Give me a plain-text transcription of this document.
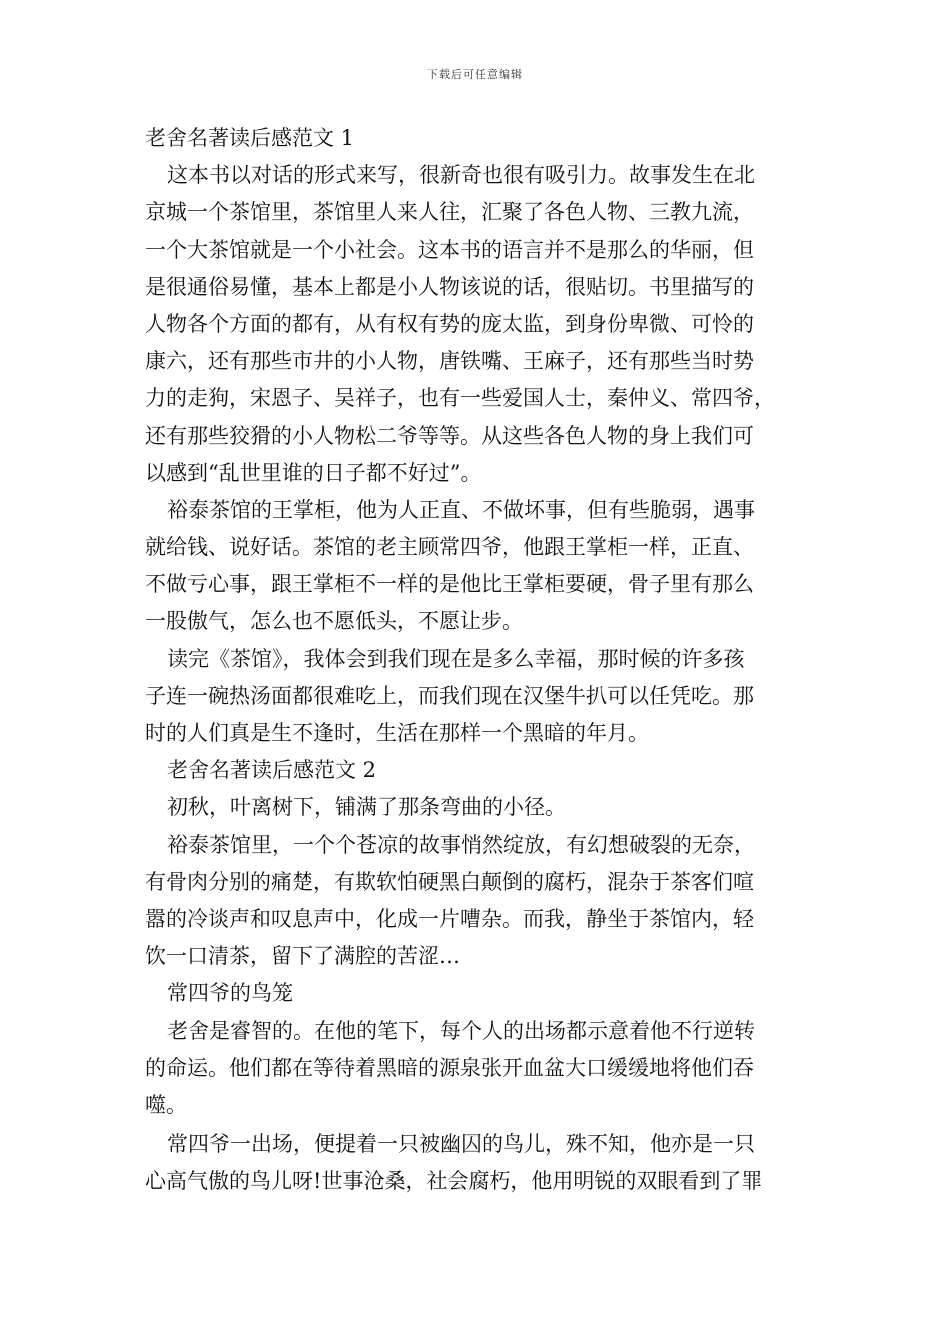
下载后可任意编辑
老舍名著读后感范文 1
这本书以对话的形式来写，很新奇也很有吸引力。故事发生在北
京城一个茶馆里，茶馆里人来人往，汇聚了各色人物、三教九流，
一个大茶馆就是一个小社会。这本书的语言并不是那么的华丽，但
是很通俗易懂，基本上都是小人物该说的话，很贴切。书里描写的
人物各个方面的都有，从有权有势的庞太监，到身份卑微、可怜的
康六，还有那些市井的小人物，唐铁嘴、王麻子，还有那些当时势
力的走狗，宋恩子、吴祥子，也有一些爱国人士，秦仲义、常四爷，
还有那些狡猾的小人物松二爷等等。从这些各色人物的身上我们可
以感到“乱世里谁的日子都不好过”。
裕泰茶馆的王掌柜，他为人正直、不做坏事，但有些脆弱，遇事
就给钱、说好话。茶馆的老主顾常四爷，他跟王掌柜一样，正直、
不做亏心事，跟王掌柜不一样的是他比王掌柜要硬，骨子里有那么
一股傲气，怎么也不愿低头，不愿让步。
读完《茶馆》，我体会到我们现在是多么幸福，那时候的许多孩
子连一碗热汤面都很难吃上，而我们现在汉堡牛扒可以任凭吃。那
时的人们真是生不逢时，生活在那样一个黑暗的年月。
老舍名著读后感范文 2
初秋，叶离树下，铺满了那条弯曲的小径。
裕泰茶馆里，一个个苍凉的故事悄然绽放，有幻想破裂的无奈，
有骨肉分别的痛楚，有欺软怕硬黑白颠倒的腐朽，混杂于茶客们喧
嚣的冷谈声和叹息声中，化成一片嘈杂。而我，静坐于茶馆内，轻
饮一口清茶，留下了满腔的苦涩…
常四爷的鸟笼
老舍是睿智的。在他的笔下，每个人的出场都示意着他不行逆转
的命运。他们都在等待着黑暗的源泉张开血盆大口缓缓地将他们吞
噬。
常四爷一出场，便提着一只被幽囚的鸟儿，殊不知，他亦是一只
心高气傲的鸟儿呀!世事沧桑，社会腐朽，他用明锐的双眼看到了罪
